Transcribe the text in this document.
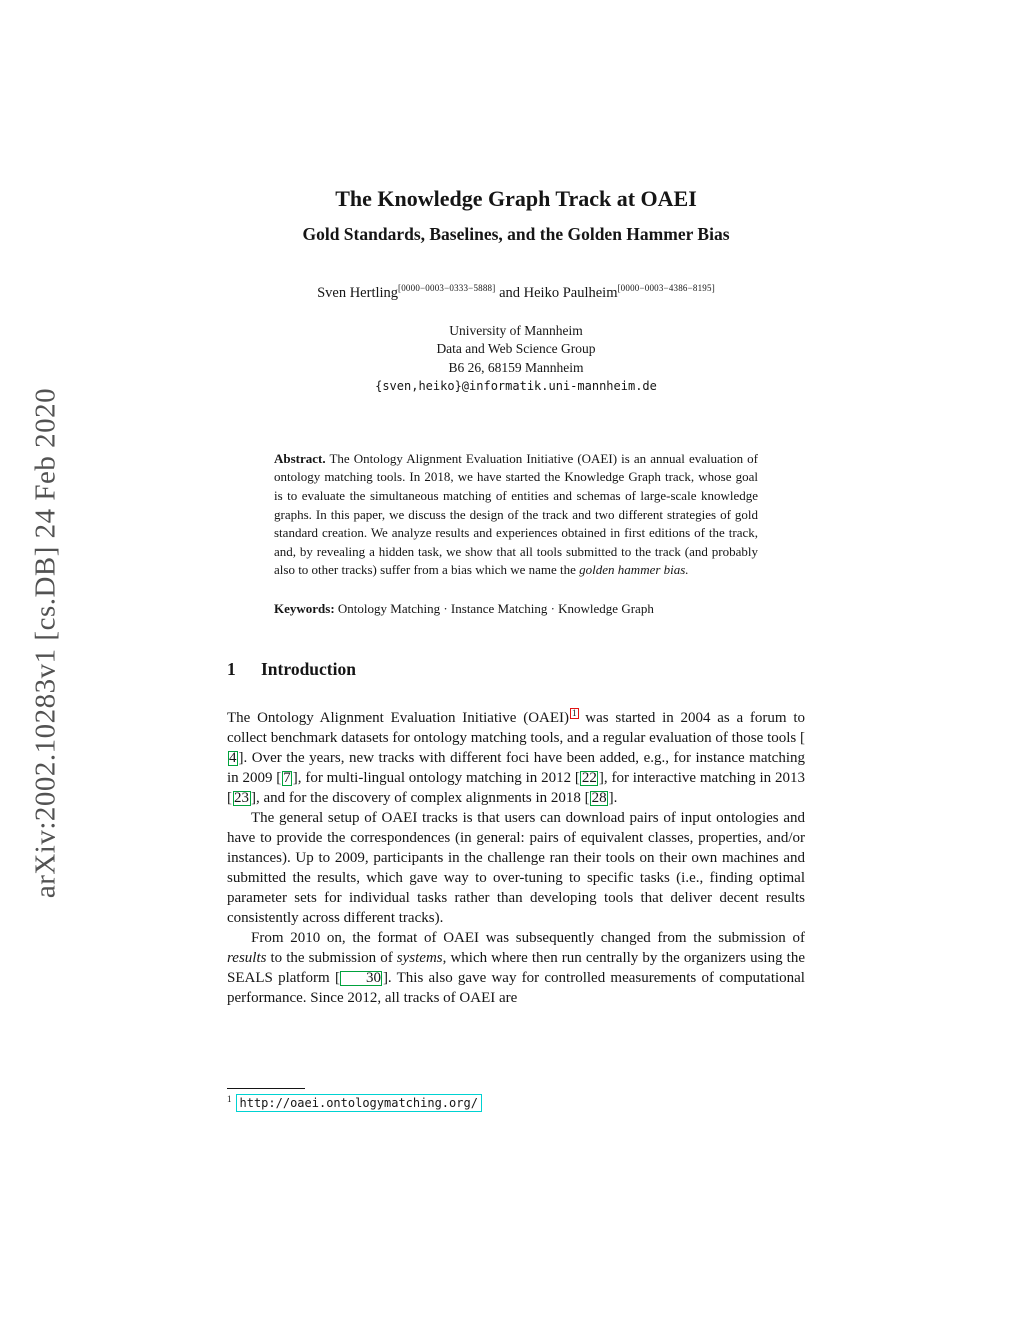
arXiv:2002.10283v1 [cs.DB] 24 Feb 2020
The Knowledge Graph Track at OAEI
Gold Standards, Baselines, and the Golden Hammer Bias
Sven Hertling[0000−0003−0333−5888] and Heiko Paulheim[0000−0003−4386−8195]
University of Mannheim
Data and Web Science Group
B6 26, 68159 Mannheim
{sven,heiko}@informatik.uni-mannheim.de
Abstract. The Ontology Alignment Evaluation Initiative (OAEI) is an annual evaluation of ontology matching tools. In 2018, we have started the Knowledge Graph track, whose goal is to evaluate the simultaneous matching of entities and schemas of large-scale knowledge graphs. In this paper, we discuss the design of the track and two different strategies of gold standard creation. We analyze results and experiences obtained in first editions of the track, and, by revealing a hidden task, we show that all tools submitted to the track (and probably also to other tracks) suffer from a bias which we name the golden hammer bias.
Keywords: Ontology Matching · Instance Matching · Knowledge Graph
1	Introduction

The Ontology Alignment Evaluation Initiative (OAEI) 1 was started in 2004 as a forum to collect benchmark datasets for ontology matching tools, and a regular evaluation of those tools [4 ]. Over the years, new tracks with different foci have been added, e.g., for instance matching in 2009 [ 7 ], for multi-lingual ontology matching in 2012 [ 22 ], for interactive matching in 2013 [ 23 ], and for the discovery of complex alignments in 2018 [ 28 ].

The general setup of OAEI tracks is that users can download pairs of input ontologies and have to provide the correspondences (in general: pairs of equivalent classes, properties, and/or instances). Up to 2009, participants in the challenge ran their tools on their own machines and submitted the results, which gave way to over-tuning to specific tasks (i.e., finding optimal parameter sets for individual tasks rather than developing tools that deliver decent results consistently across different tracks).

From 2010 on, the format of OAEI was subsequently changed from the submission of results to the submission of systems, which where then run centrally by the organizers using the SEALS platform [ 30 ]. This also gave way for controlled measurements of computational performance. Since 2012, all tracks of OAEI are

$^1$ http://oaei.ontologymatching.org/
